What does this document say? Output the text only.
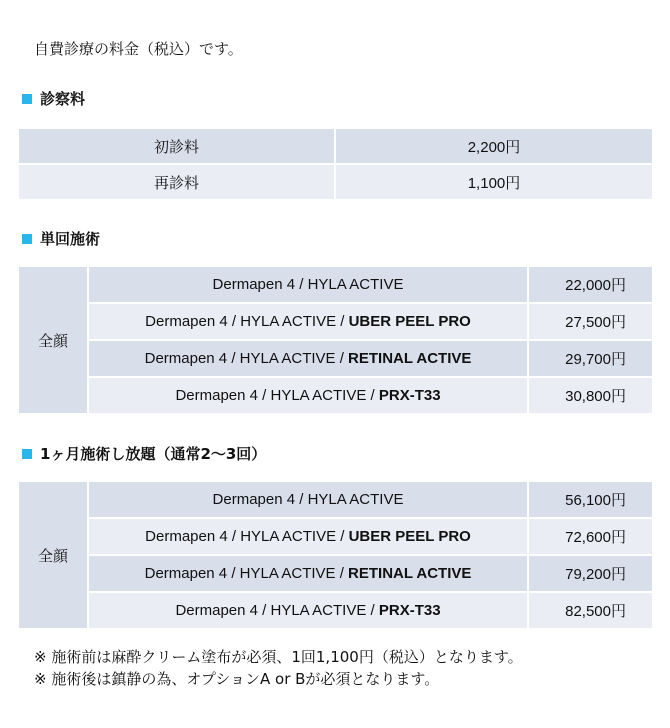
自費診療の料金（税込）です。
診察料
初診料	2,200円
再診料	1,100円
単回施術
全顔	Dermapen 4 / HYLA ACTIVE	22,000円
	Dermapen 4 / HYLA ACTIVE / UBER PEEL PRO	27,500円
	Dermapen 4 / HYLA ACTIVE / RETINAL ACTIVE	29,700円
	Dermapen 4 / HYLA ACTIVE / PRX-T33	30,800円
1ヶ月施術し放題（通常2〜3回）
全顔	Dermapen 4 / HYLA ACTIVE	56,100円
	Dermapen 4 / HYLA ACTIVE / UBER PEEL PRO	72,600円
	Dermapen 4 / HYLA ACTIVE / RETINAL ACTIVE	79,200円
	Dermapen 4 / HYLA ACTIVE / PRX-T33	82,500円
※ 施術前は麻酔クリーム塗布が必須、1回1,100円（税込）となります。
※ 施術後は鎮静の為、オプションA or Bが必須となります。
